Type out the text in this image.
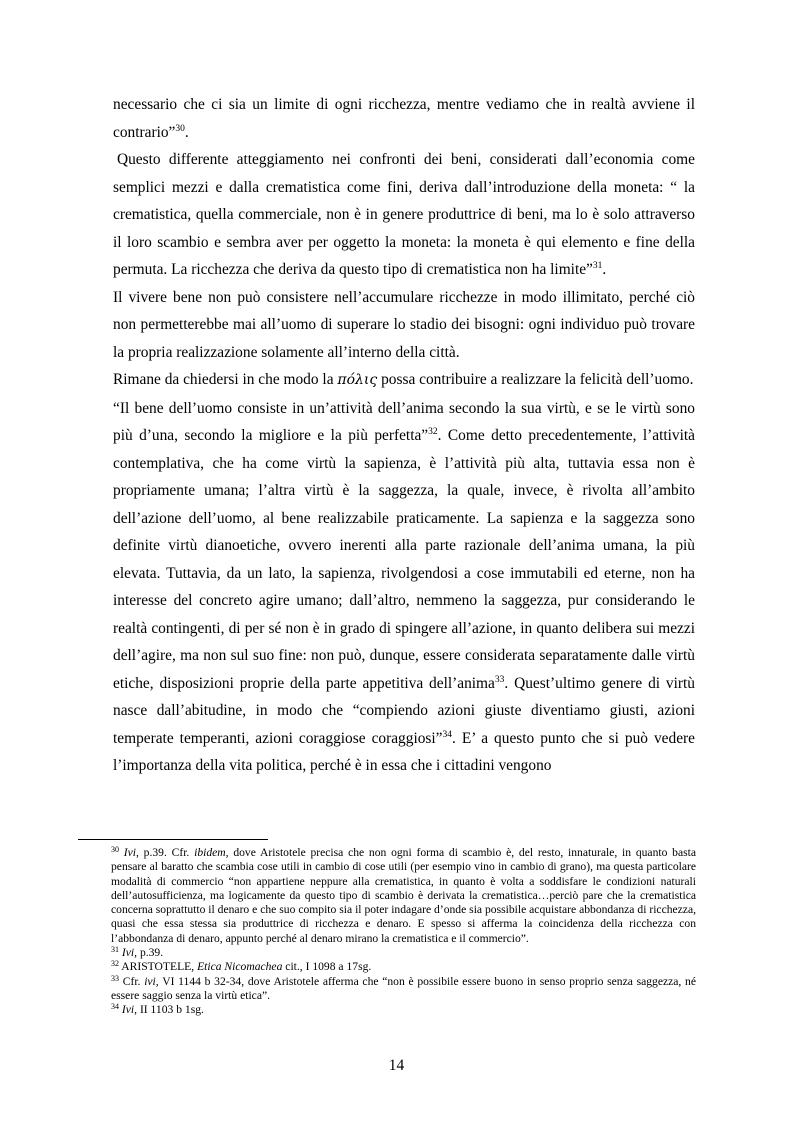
necessario che ci sia un limite di ogni ricchezza, mentre vediamo che in realtà avviene il contrario”$^{30}$.

Questo differente atteggiamento nei confronti dei beni, considerati dall’economia come semplici mezzi e dalla crematistica come fini, deriva dall’introduzione della moneta: “ la crematistica, quella commerciale, non è in genere produttrice di beni, ma lo è solo attraverso il loro scambio e sembra aver per oggetto la moneta: la moneta è qui elemento e fine della permuta. La ricchezza che deriva da questo tipo di crematistica non ha limite”$^{31}$.

Il vivere bene non può consistere nell’accumulare ricchezze in modo illimitato, perché ciò non permetterebbe mai all’uomo di superare lo stadio dei bisogni: ogni individuo può trovare la propria realizzazione solamente all’interno della città.

Rimane da chiedersi in che modo la πόλις possa contribuire a realizzare la felicità dell’uomo.

“Il bene dell’uomo consiste in un’attività dell’anima secondo la sua virtù, e se le virtù sono più d’una, secondo la migliore e la più perfetta”$^{32}$. Come detto precedentemente, l’attività contemplativa, che ha come virtù la sapienza, è l’attività più alta, tuttavia essa non è propriamente umana; l’altra virtù è la saggezza, la quale, invece, è rivolta all’ambito dell’azione dell’uomo, al bene realizzabile praticamente. La sapienza e la saggezza sono definite virtù dianoetiche, ovvero inerenti alla parte razionale dell’anima umana, la più elevata. Tuttavia, da un lato, la sapienza, rivolgendosi a cose immutabili ed eterne, non ha interesse del concreto agire umano; dall’altro, nemmeno la saggezza, pur considerando le realtà contingenti, di per sé non è in grado di spingere all’azione, in quanto delibera sui mezzi dell’agire, ma non sul suo fine: non può, dunque, essere considerata separatamente dalle virtù etiche, disposizioni proprie della parte appetitiva dell’anima$^{33}$. Quest’ultimo genere di virtù nasce dall’abitudine, in modo che “compiendo azioni giuste diventiamo giusti, azioni temperate temperanti, azioni coraggiose coraggiosi”$^{34}$. E’ a questo punto che si può vedere l’importanza della vita politica, perché è in essa che i cittadini vengono

$^{30}$ Ivi, p.39. Cfr. ibidem, dove Aristotele precisa che non ogni forma di scambio è, del resto, innaturale, in quanto basta pensare al baratto che scambia cose utili in cambio di cose utili (per esempio vino in cambio di grano), ma questa particolare modalità di commercio “non appartiene neppure alla crematistica, in quanto è volta a soddisfare le condizioni naturali dell’autosufficienza, ma logicamente da questo tipo di scambio è derivata la crematistica…perciò pare che la crematistica concerna soprattutto il denaro e che suo compito sia il poter indagare d’onde sia possibile acquistare abbondanza di ricchezza, quasi che essa stessa sia produttrice di ricchezza e denaro. E spesso si afferma la coincidenza della ricchezza con l’abbondanza di denaro, appunto perché al denaro mirano la crematistica e il commercio”.

$^{31}$ Ivi, p.39.

$^{32}$ ARISTOTELE, Etica Nicomachea cit., I 1098 a 17sg.

$^{33}$ Cfr. ivi, VI 1144 b 32-34, dove Aristotele afferma che “non è possibile essere buono in senso proprio senza saggezza, né essere saggio senza la virtù etica”.

$^{34}$ Ivi, II 1103 b 1sg.

14
